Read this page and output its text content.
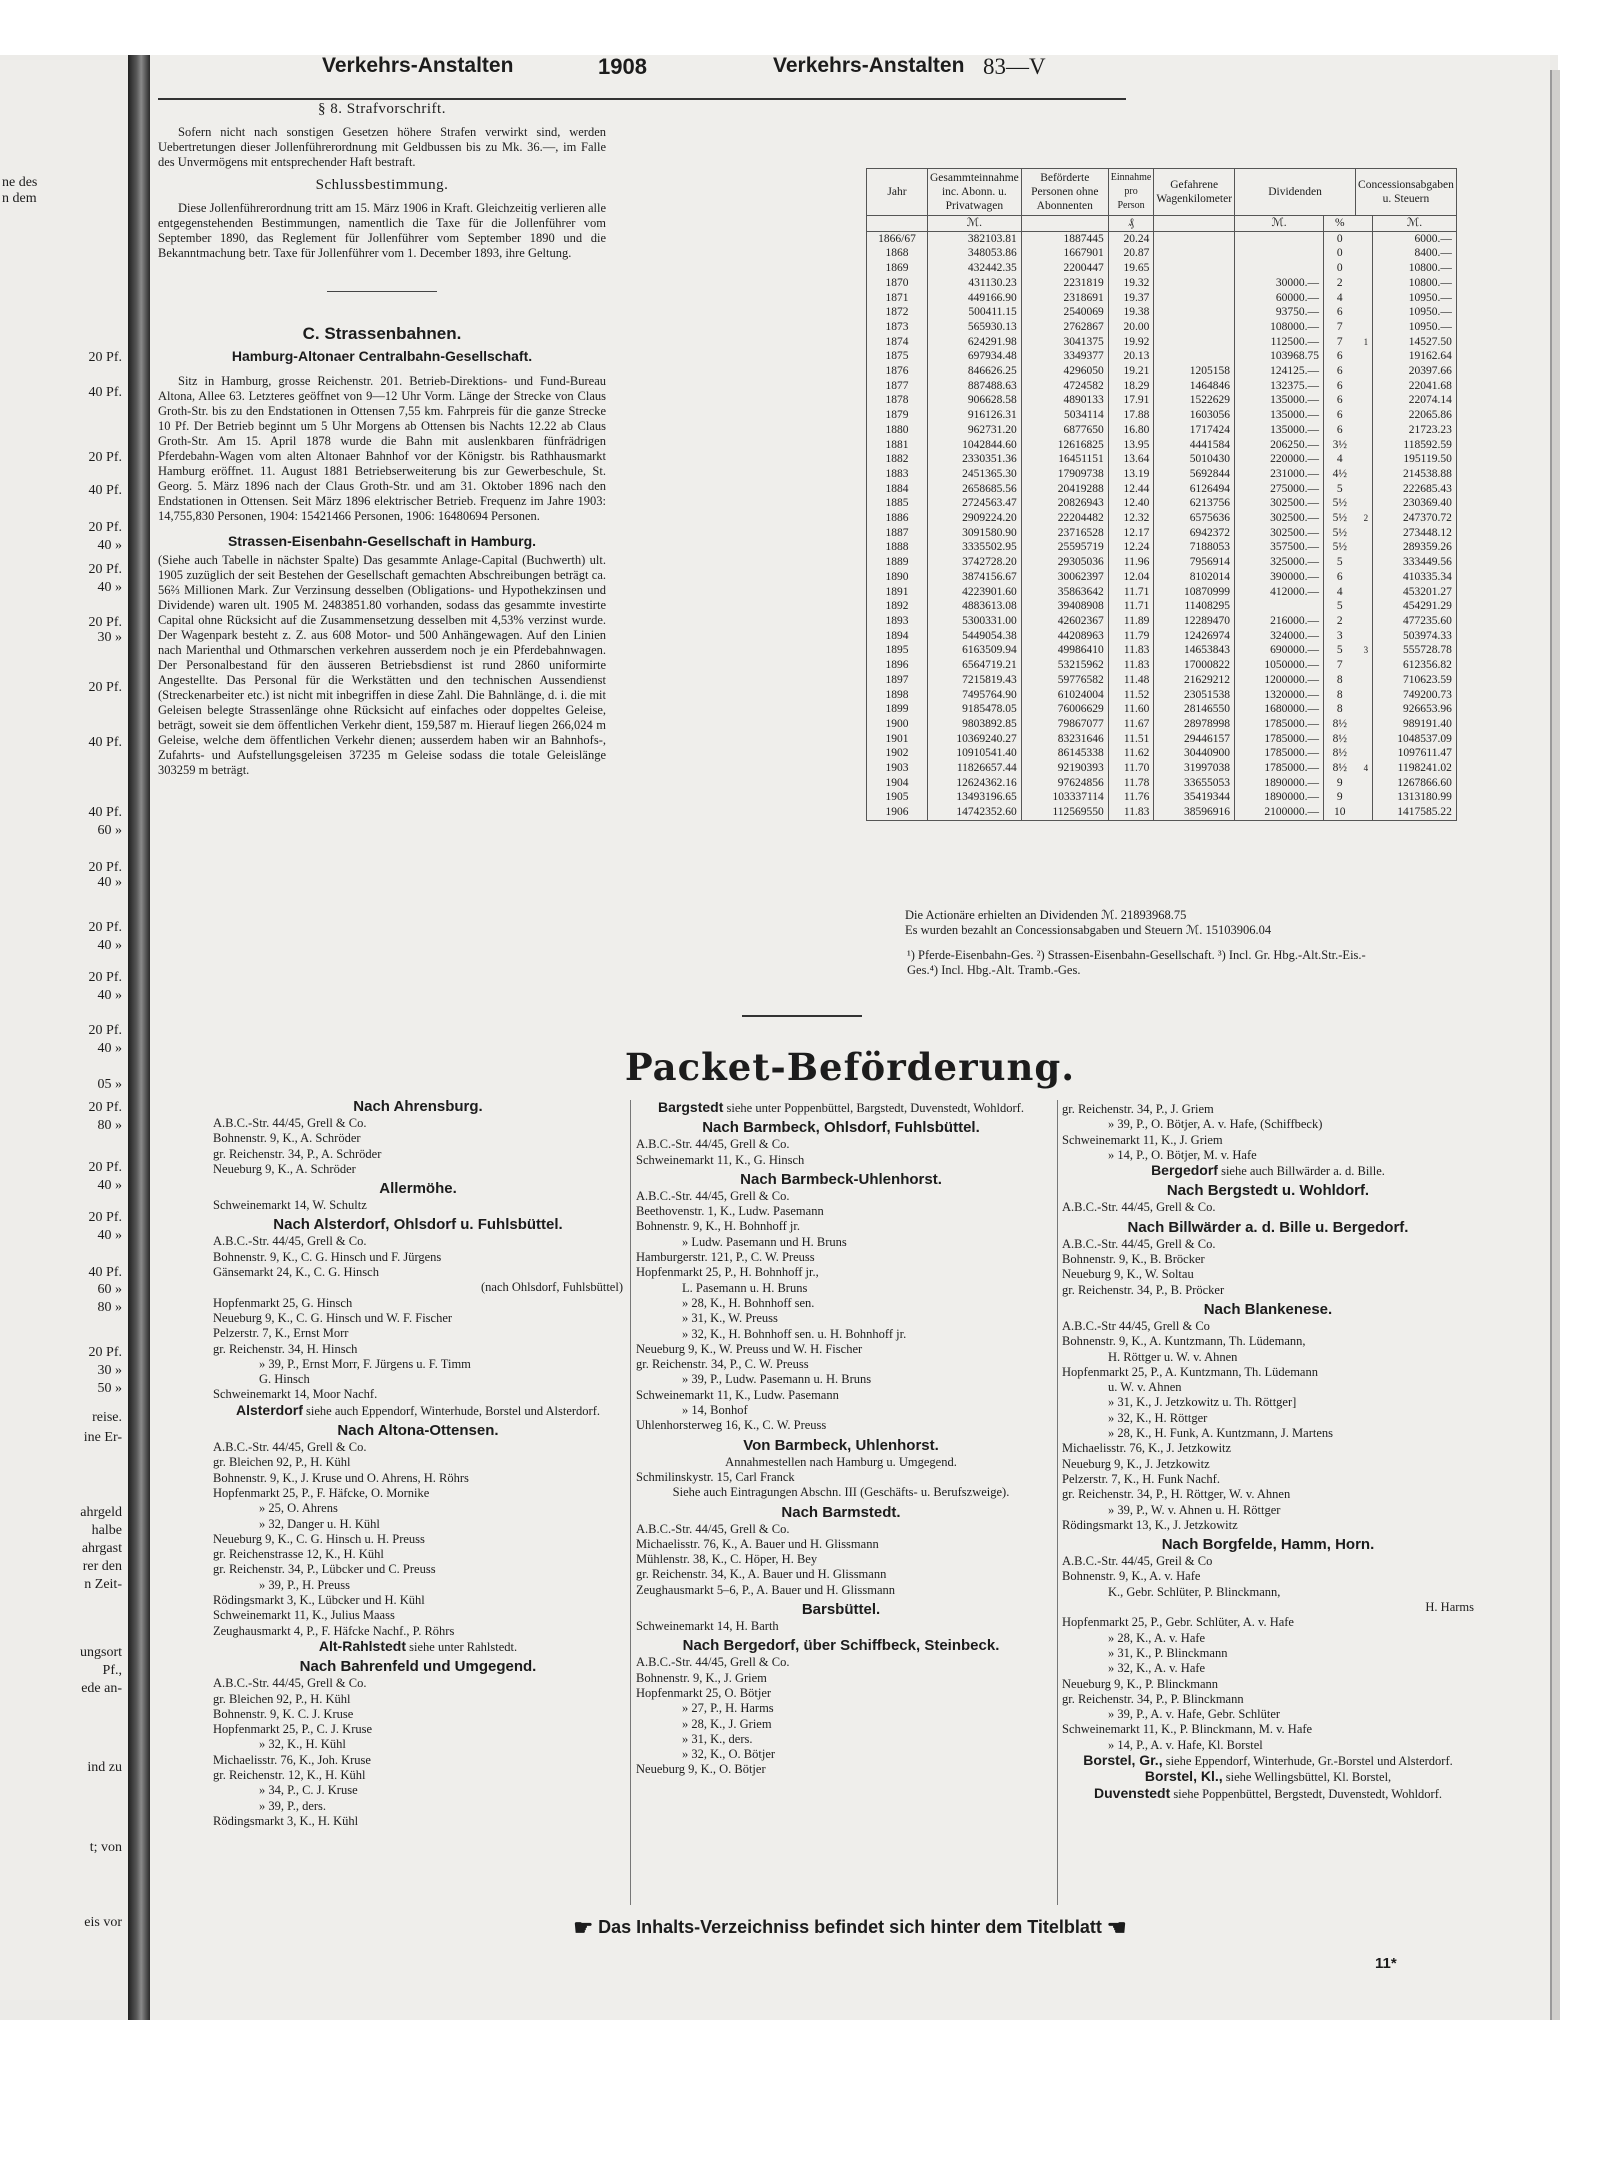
ne des
n dem
20 Pf.
40 Pf.
20 Pf.
40 Pf.
20 Pf.
40 »
20 Pf.
40 »
20 Pf.
30 »
20 Pf.
40 Pf.
40 Pf.
60 »
20 Pf.
40 »
20 Pf.
40 »
20 Pf.
40 »
20 Pf.
40 »
05 »
20 Pf.
80 »
20 Pf.
40 »
20 Pf.
40 »
40 Pf.
60 »
80 »
20 Pf.
30 »
50 »
reise.
ine Er-
ahrgeld
halbe
ahrgast
rer den
n Zeit-
ungsort
Pf.,
ede an-
ind zu
t; von
eis vor
Verkehrs-Anstalten	1908	Verkehrs-Anstalten 83—V
§ 8. Strafvorschrift.

Sofern nicht nach sonstigen Gesetzen höhere Strafen verwirkt sind, werden Uebertretungen dieser Jollenführerordnung mit Geldbussen bis zu Mk. 36.—, im Falle des Unvermögens mit entsprechender Haft bestraft.

Schlussbestimmung.

Diese Jollenführerordnung tritt am 15. März 1906 in Kraft. Gleichzeitig verlieren alle entgegenstehenden Bestimmungen, namentlich die Taxe für die Jollenführer vom September 1890, das Reglement für Jollenführer vom September 1890 und die Bekanntmachung betr. Taxe für Jollenführer vom 1. December 1893, ihre Geltung.

C. Strassenbahnen.
Hamburg-Altonaer Centralbahn-Gesellschaft.

Sitz in Hamburg, grosse Reichenstr. 201. Betrieb-Direktions- und Fund-Bureau Altona, Allee 63. Letzteres geöffnet von 9—12 Uhr Vorm. Länge der Strecke von Claus Groth-Str. bis zu den Endstationen in Ottensen 7,55 km. Fahrpreis für die ganze Strecke 10 Pf. Der Betrieb beginnt um 5 Uhr Morgens ab Ottensen bis Nachts 12.22 ab Claus Groth-Str. Am 15. April 1878 wurde die Bahn mit auslenkbaren fünfrädrigen Pferdebahn-Wagen vom alten Altonaer Bahnhof vor der Königstr. bis Rathhausmarkt Hamburg eröffnet. 11. August 1881 Betriebserweiterung bis zur Gewerbeschule, St. Georg. 5. März 1896 nach der Claus Groth-Str. und am 31. Oktober 1896 nach den Endstationen in Ottensen. Seit März 1896 elektrischer Betrieb. Frequenz im Jahre 1903: 14,755,830 Personen, 1904: 15421466 Personen, 1906: 16480694 Personen.

Strassen-Eisenbahn-Gesellschaft in Hamburg.

(Siehe auch Tabelle in nächster Spalte) Das gesammte Anlage-Capital (Buchwerth) ult. 1905 zuzüglich der seit Bestehen der Gesellschaft gemachten Abschreibungen beträgt ca. 56⅔ Millionen Mark. Zur Verzinsung desselben (Obligations- und Hypothekzinsen und Dividende) waren ult. 1905 M. 2483851.80 vorhanden, sodass das gesammte investirte Capital ohne Rücksicht auf die Zusammensetzung desselben mit 4,53% verzinst wurde. Der Wagenpark besteht z. Z. aus 608 Motor- und 500 Anhängewagen. Auf den Linien nach Marienthal und Othmarschen verkehren ausserdem noch je ein Pferdebahnwagen. Der Personalbestand für den äusseren Betriebsdienst ist rund 2860 uniformirte Angestellte. Das Personal für die Werkstätten und den technischen Aussendienst (Streckenarbeiter etc.) ist nicht mit inbegriffen in diese Zahl. Die Bahnlänge, d. i. die mit Geleisen belegte Strassenlänge ohne Rücksicht auf einfaches oder doppeltes Geleise, beträgt, soweit sie dem öffentlichen Verkehr dient, 159,587 m. Hierauf liegen 266,024 m Geleise, welche dem öffentlichen Verkehr dienen; ausserdem haben wir an Bahnhofs-, Zufahrts- und Aufstellungsgeleisen 37235 m Geleise sodass die totale Geleislänge 303259 m beträgt.

Jahr	Gesammteinnahme inc. Abonn. u. Privatwagen	Beförderte Personen ohne Abonnenten	Einnahme pro Person	Gefahrene Wagenkilometer	Dividenden		Concessionsabgaben u. Steuern	
	ℳ.		₰		ℳ.	%		ℳ.
1866/67	382103.81	1887445	20.24			0		6000.—
1868	348053.86	1667901	20.87			0		8400.—
1869	432442.35	2200447	19.65			0		10800.—
1870	431130.23	2231819	19.32		30000.—	2		10800.—
1871	449166.90	2318691	19.37		60000.—	4		10950.—
1872	500411.15	2540069	19.38		93750.—	6		10950.—
1873	565930.13	2762867	20.00		108000.—	7		10950.—
1874	624291.98	3041375	19.92		112500.—	7	1	14527.50
1875	697934.48	3349377	20.13		103968.75	6		19162.64
1876	846626.25	4296050	19.21	1205158	124125.—	6		20397.66
1877	887488.63	4724582	18.29	1464846	132375.—	6		22041.68
1878	906628.58	4890133	17.91	1522629	135000.—	6		22074.14
1879	916126.31	5034114	17.88	1603056	135000.—	6		22065.86
1880	962731.20	6877650	16.80	1717424	135000.—	6		21723.23
1881	1042844.60	12616825	13.95	4441584	206250.—	3½		118592.59
1882	2330351.36	16451151	13.64	5010430	220000.—	4		195119.50
1883	2451365.30	17909738	13.19	5692844	231000.—	4½		214538.88
1884	2658685.56	20419288	12.44	6126494	275000.—	5		222685.43
1885	2724563.47	20826943	12.40	6213756	302500.—	5½		230369.40
1886	2909224.20	22204482	12.32	6575636	302500.—	5½	2	247370.72
1887	3091580.90	23716528	12.17	6942372	302500.—	5½		273448.12
1888	3335502.95	25595719	12.24	7188053	357500.—	5½		289359.26
1889	3742728.20	29305036	11.96	7956914	325000.—	5		333449.56
1890	3874156.67	30062397	12.04	8102014	390000.—	6		410335.34
1891	4223901.60	35863642	11.71	10870999	412000.—	4		453201.27
1892	4883613.08	39408908	11.71	11408295		5		454291.29
1893	5300331.00	42602367	11.89	12289470	216000.—	2		477235.60
1894	5449054.38	44208963	11.79	12426974	324000.—	3		503974.33
1895	6163509.94	49986410	11.83	14653843	690000.—	5	3	555728.78
1896	6564719.21	53215962	11.83	17000822	1050000.—	7		612356.82
1897	7215819.43	59776582	11.48	21629212	1200000.—	8		710623.59
1898	7495764.90	61024004	11.52	23051538	1320000.—	8		749200.73
1899	9185478.05	76006629	11.60	28146550	1680000.—	8		926653.96
1900	9803892.85	79867077	11.67	28978998	1785000.—	8½		989191.40
1901	10369240.27	83231646	11.51	29446157	1785000.—	8½		1048537.09
1902	10910541.40	86145338	11.62	30440900	1785000.—	8½		1097611.47
1903	11826657.44	92190393	11.70	31997038	1785000.—	8½	4	1198241.02
1904	12624362.16	97624856	11.78	33655053	1890000.—	9		1267866.60
1905	13493196.65	103337114	11.76	35419344	1890000.—	9		1313180.99
1906	14742352.60	112569550	11.83	38596916	2100000.—	10		1417585.22
Die Actionäre erhielten an Dividenden ℳ. 21893968.75
Es wurden bezahlt an Concessionsabgaben und Steuern ℳ. 15103906.04
¹) Pferde-Eisenbahn-Ges. ²) Strassen-Eisenbahn-Gesellschaft. ³) Incl. Gr. Hbg.-Alt.Str.-Eis.-Ges.⁴) Incl. Hbg.-Alt. Tramb.-Ges.
Packet-Beförderung.
Nach Ahrensburg.
A.B.C.-Str. 44/45, Grell & Co.
Bohnenstr. 9, K., A. Schröder
gr. Reichenstr. 34, P., A. Schröder
Neueburg 9, K., A. Schröder
Allermöhe.
Schweinemarkt 14, W. Schultz
Nach Alsterdorf, Ohlsdorf u. Fuhlsbüttel.
A.B.C.-Str. 44/45, Grell & Co.
Bohnenstr. 9, K., C. G. Hinsch und F. Jürgens
Gänsemarkt 24, K., C. G. Hinsch
(nach Ohlsdorf, Fuhlsbüttel)
Hopfenmarkt 25, G. Hinsch
Neueburg 9, K., C. G. Hinsch und W. F. Fischer
Pelzerstr. 7, K., Ernst Morr
gr. Reichenstr. 34, H. Hinsch
» 39, P., Ernst Morr, F. Jürgens u. F. Timm
G. Hinsch
Schweinemarkt 14, Moor Nachf.
Alsterdorf siehe auch Eppendorf, Winterhude, Borstel und Alsterdorf.
Nach Altona-Ottensen.
A.B.C.-Str. 44/45, Grell & Co.
gr. Bleichen 92, P., H. Kühl
Bohnenstr. 9, K., J. Kruse und O. Ahrens, H. Röhrs
Hopfenmarkt 25, P., F. Häfcke, O. Mornike
» 25, O. Ahrens
» 32, Danger u. H. Kühl
Neueburg 9, K., C. G. Hinsch u. H. Preuss
gr. Reichenstrasse 12, K., H. Kühl
gr. Reichenstr. 34, P., Lübcker und C. Preuss
» 39, P., H. Preuss
Rödingsmarkt 3, K., Lübcker und H. Kühl
Schweinemarkt 11, K., Julius Maass
Zeughausmarkt 4, P., F. Häfcke Nachf., P. Röhrs
Alt-Rahlstedt siehe unter Rahlstedt.
Nach Bahrenfeld und Umgegend.
A.B.C.-Str. 44/45, Grell & Co.
gr. Bleichen 92, P., H. Kühl
Bohnenstr. 9, K. C. J. Kruse
Hopfenmarkt 25, P., C. J. Kruse
» 32, K., H. Kühl
Michaelisstr. 76, K., Joh. Kruse
gr. Reichenstr. 12, K., H. Kühl
» 34, P., C. J. Kruse
» 39, P., ders.
Rödingsmarkt 3, K., H. Kühl
Bargstedt siehe unter Poppenbüttel, Bargstedt, Duvenstedt, Wohldorf.
Nach Barmbeck, Ohlsdorf, Fuhlsbüttel.
A.B.C.-Str. 44/45, Grell & Co.
Schweinemarkt 11, K., G. Hinsch
Nach Barmbeck-Uhlenhorst.
A.B.C.-Str. 44/45, Grell & Co.
Beethovenstr. 1, K., Ludw. Pasemann
Bohnenstr. 9, K., H. Bohnhoff jr.
» Ludw. Pasemann und H. Bruns
Hamburgerstr. 121, P., C. W. Preuss
Hopfenmarkt 25, P., H. Bohnhoff jr.,
L. Pasemann u. H. Bruns
» 28, K., H. Bohnhoff sen.
» 31, K., W. Preuss
» 32, K., H. Bohnhoff sen. u. H. Bohnhoff jr.
Neueburg 9, K., W. Preuss und W. H. Fischer
gr. Reichenstr. 34, P., C. W. Preuss
» 39, P., Ludw. Pasemann u. H. Bruns
Schweinemarkt 11, K., Ludw. Pasemann
» 14, Bonhof
Uhlenhorsterweg 16, K., C. W. Preuss
Von Barmbeck, Uhlenhorst.
Annahmestellen nach Hamburg u. Umgegend.
Schmilinskystr. 15, Carl Franck
Siehe auch Eintragungen Abschn. III (Geschäfts- u. Berufszweige).
Nach Barmstedt.
A.B.C.-Str. 44/45, Grell & Co.
Michaelisstr. 76, K., A. Bauer und H. Glissmann
Mühlenstr. 38, K., C. Höper, H. Bey
gr. Reichenstr. 34, K., A. Bauer und H. Glissmann
Zeughausmarkt 5–6, P., A. Bauer und H. Glissmann
Barsbüttel.
Schweinemarkt 14, H. Barth
Nach Bergedorf, über Schiffbeck, Steinbeck.
A.B.C.-Str. 44/45, Grell & Co.
Bohnenstr. 9, K., J. Griem
Hopfenmarkt 25, O. Bötjer
» 27, P., H. Harms
» 28, K., J. Griem
» 31, K., ders.
» 32, K., O. Bötjer
Neueburg 9, K., O. Bötjer
gr. Reichenstr. 34, P., J. Griem
» 39, P., O. Bötjer, A. v. Hafe, (Schiffbeck)
Schweinemarkt 11, K., J. Griem
» 14, P., O. Bötjer, M. v. Hafe
Bergedorf siehe auch Billwärder a. d. Bille.
Nach Bergstedt u. Wohldorf.
A.B.C.-Str. 44/45, Grell & Co.
Nach Billwärder a. d. Bille u. Bergedorf.
A.B.C.-Str. 44/45, Grell & Co.
Bohnenstr. 9, K., B. Bröcker
Neueburg 9, K., W. Soltau
gr. Reichenstr. 34, P., B. Pröcker
Nach Blankenese.
A.B.C.-Str 44/45, Grell & Co
Bohnenstr. 9, K., A. Kuntzmann, Th. Lüdemann,
H. Röttger u. W. v. Ahnen
Hopfenmarkt 25, P., A. Kuntzmann, Th. Lüdemann
u. W. v. Ahnen
» 31, K., J. Jetzkowitz u. Th. Röttger]
» 32, K., H. Röttger
» 28, K., H. Funk, A. Kuntzmann, J. Martens
Michaelisstr. 76, K., J. Jetzkowitz
Neueburg 9, K., J. Jetzkowitz
Pelzerstr. 7, K., H. Funk Nachf.
gr. Reichenstr. 34, P., H. Röttger, W. v. Ahnen
» 39, P., W. v. Ahnen u. H. Röttger
Rödingsmarkt 13, K., J. Jetzkowitz
Nach Borgfelde, Hamm, Horn.
A.B.C.-Str. 44/45, Greil & Co
Bohnenstr. 9, K., A. v. Hafe
K., Gebr. Schlüter, P. Blinckmann,
H. Harms
Hopfenmarkt 25, P., Gebr. Schlüter, A. v. Hafe
» 28, K., A. v. Hafe
» 31, K., P. Blinckmann
» 32, K., A. v. Hafe
Neueburg 9, K., P. Blinckmann
gr. Reichenstr. 34, P., P. Blinckmann
» 39, P., A. v. Hafe, Gebr. Schlüter
Schweinemarkt 11, K., P. Blinckmann, M. v. Hafe
» 14, P., A. v. Hafe, Kl. Borstel
Borstel, Gr., siehe Eppendorf, Winterhude, Gr.-Borstel und Alsterdorf.
Borstel, Kl., siehe Wellingsbüttel, Kl. Borstel,
Duvenstedt siehe Poppenbüttel, Bergstedt, Duvenstedt, Wohldorf.
☛ Das Inhalts-Verzeichniss befindet sich hinter dem Titelblatt ☚
11*
